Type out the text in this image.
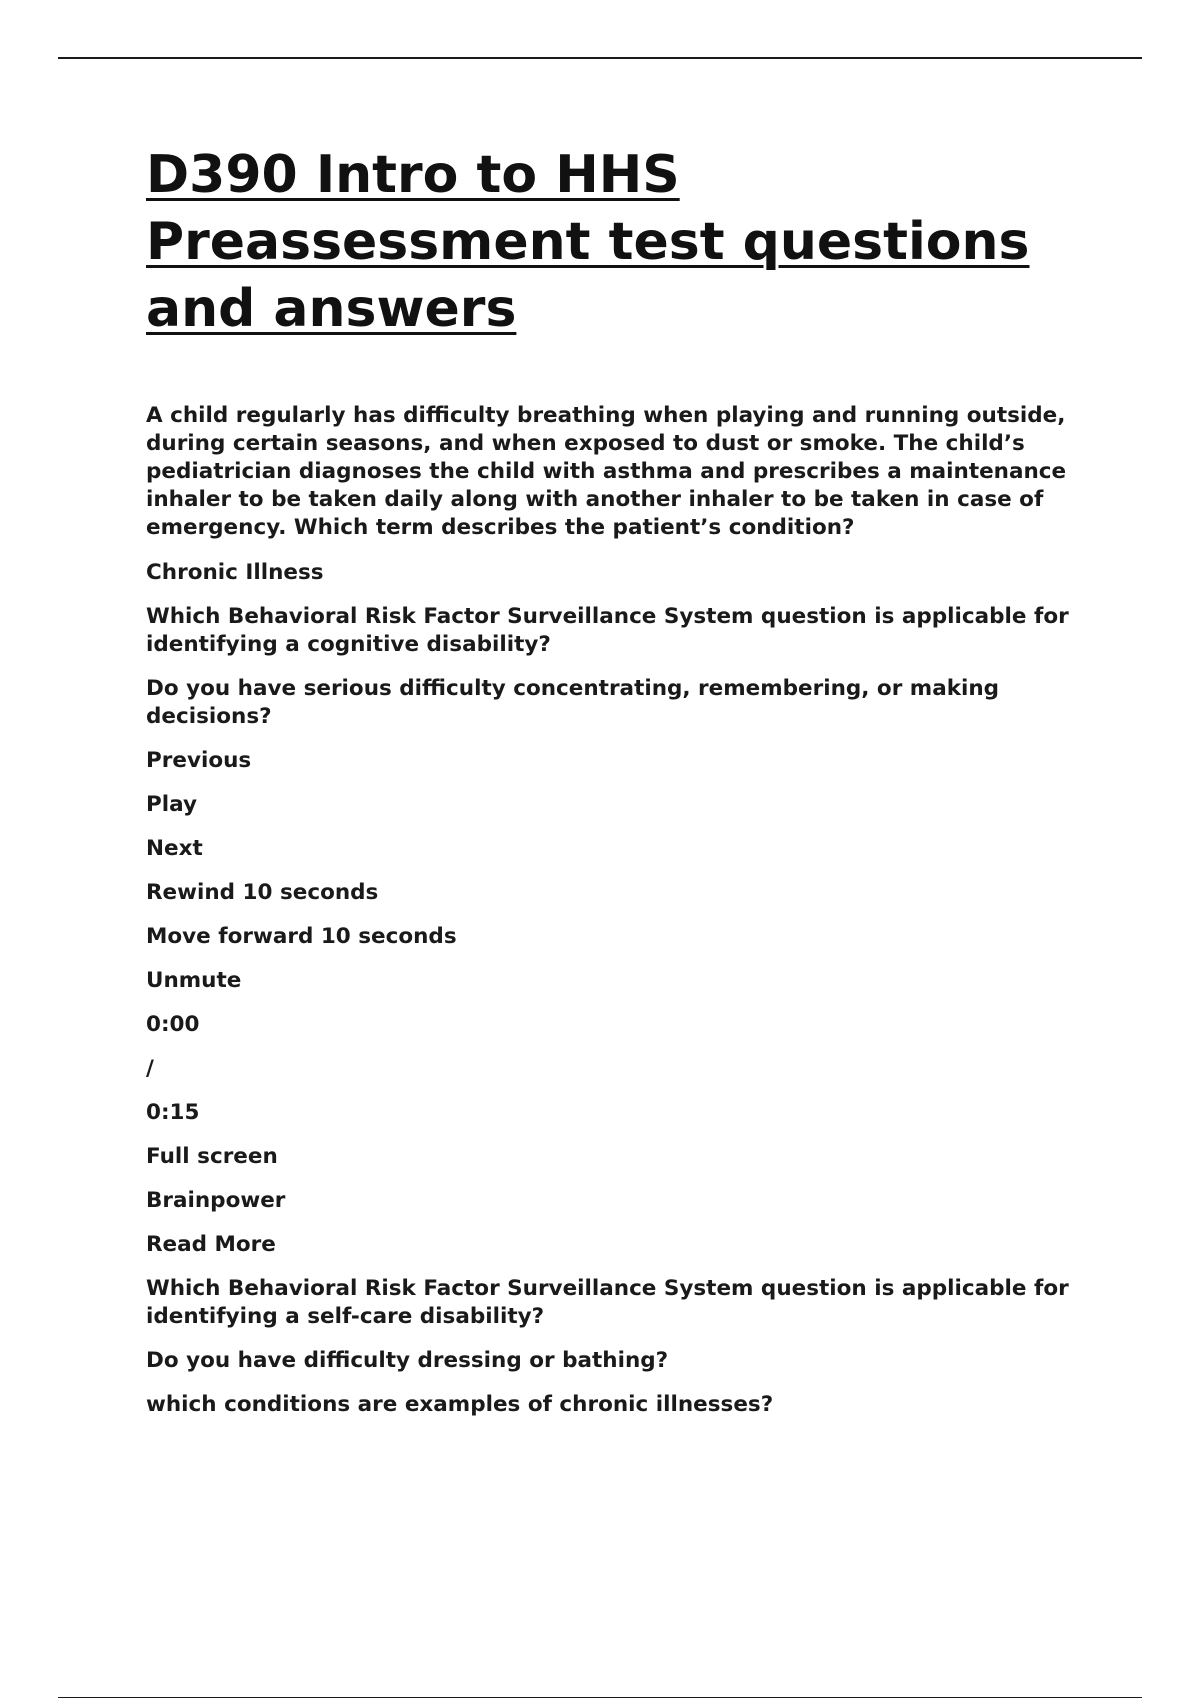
D390 Intro to HHS
Preassessment test questions
and answers

A child regularly has difficulty breathing when playing and running outside, during certain seasons, and when exposed to dust or smoke. The child’s pediatrician diagnoses the child with asthma and prescribes a maintenance inhaler to be taken daily along with another inhaler to be taken in case of emergency. Which term describes the patient’s condition?

Chronic Illness

Which Behavioral Risk Factor Surveillance System question is applicable for identifying a cognitive disability?

Do you have serious difficulty concentrating, remembering, or making decisions?

Previous

Play

Next

Rewind 10 seconds

Move forward 10 seconds

Unmute

0:00

/

0:15

Full screen

Brainpower

Read More

Which Behavioral Risk Factor Surveillance System question is applicable for identifying a self-care disability?

Do you have difficulty dressing or bathing?

which conditions are examples of chronic illnesses?
